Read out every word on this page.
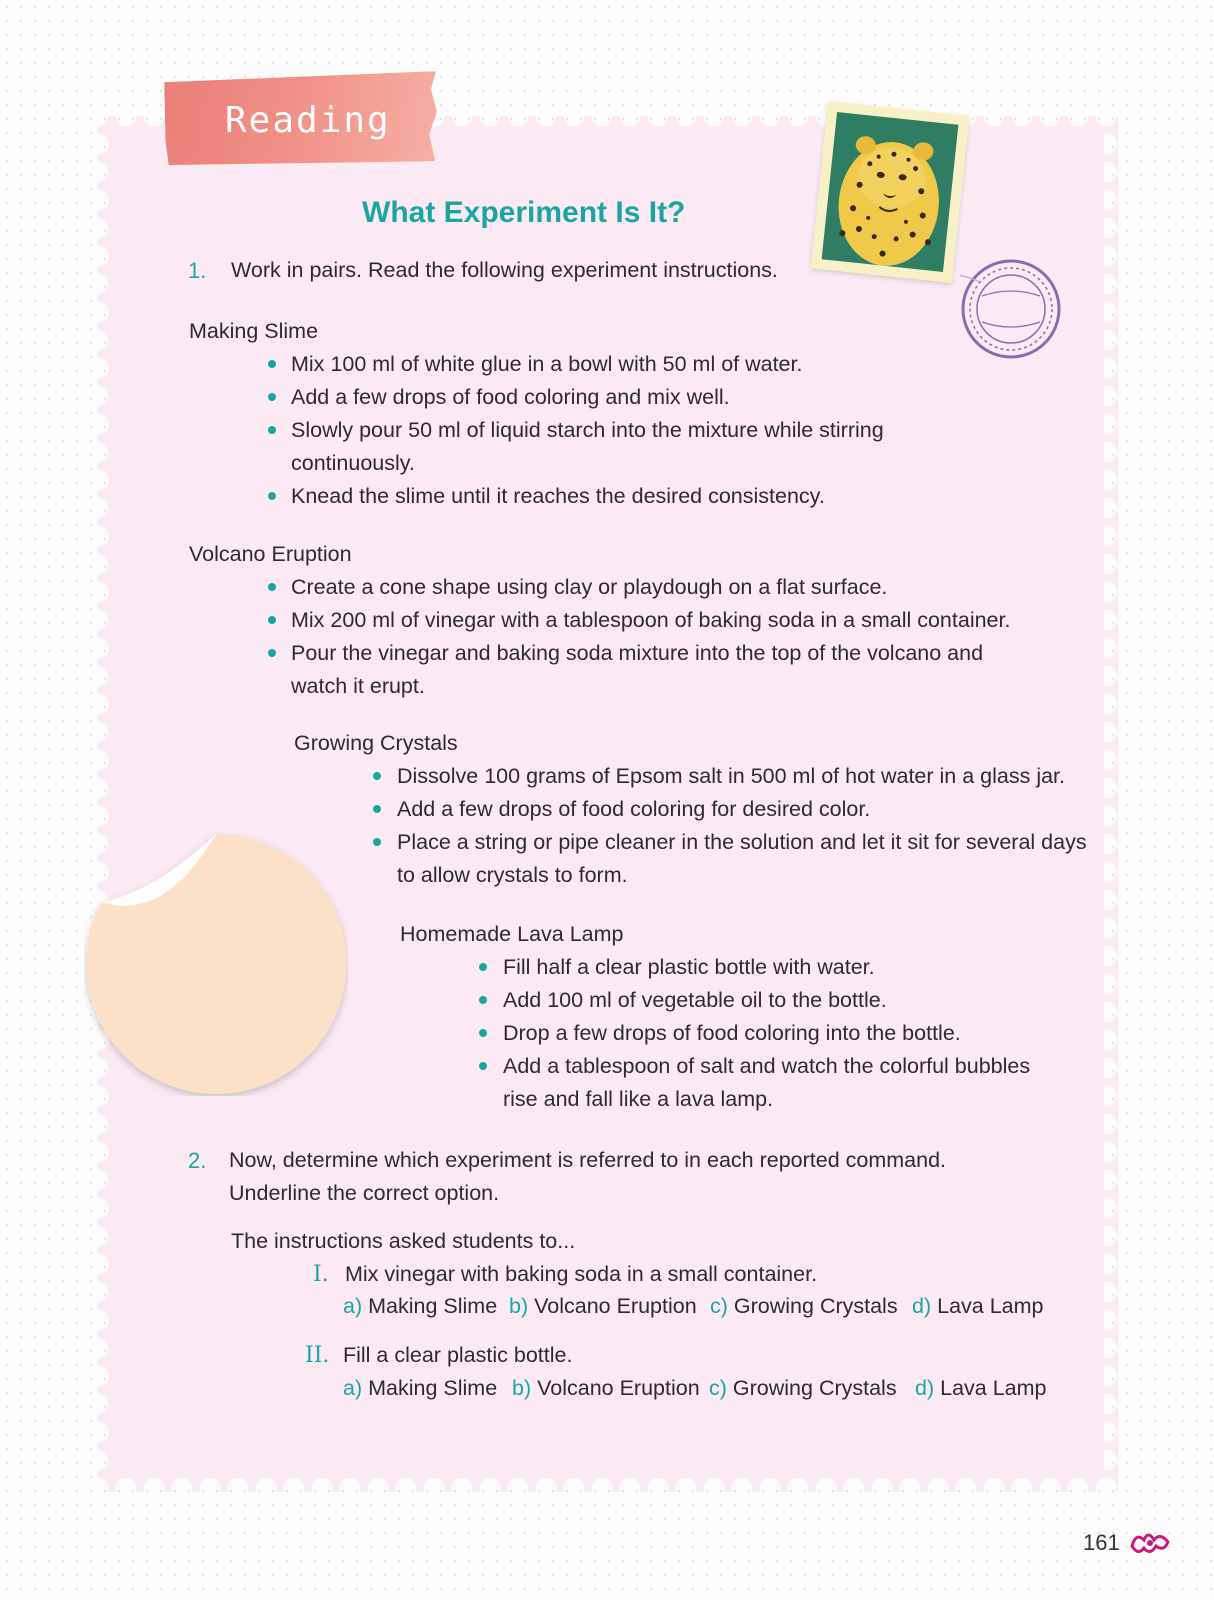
Reading
What Experiment Is It?
1. Work in pairs. Read the following experiment instructions.
Making Slime
Mix 100 ml of white glue in a bowl with 50 ml of water.
Add a few drops of food coloring and mix well.
Slowly pour 50 ml of liquid starch into the mixture while stirring
continuously.
Knead the slime until it reaches the desired consistency.
Volcano Eruption
Create a cone shape using clay or playdough on a flat surface.
Mix 200 ml of vinegar with a tablespoon of baking soda in a small container.
Pour the vinegar and baking soda mixture into the top of the volcano and
watch it erupt.
Growing Crystals
Dissolve 100 grams of Epsom salt in 500 ml of hot water in a glass jar.
Add a few drops of food coloring for desired color.
Place a string or pipe cleaner in the solution and let it sit for several days
to allow crystals to form.
Homemade Lava Lamp
Fill half a clear plastic bottle with water.
Add 100 ml of vegetable oil to the bottle.
Drop a few drops of food coloring into the bottle.
Add a tablespoon of salt and watch the colorful bubbles
rise and fall like a lava lamp.
2. Now, determine which experiment is referred to in each reported command.
Underline the correct option.
The instructions asked students to...
I. Mix vinegar with baking soda in a small container.
a) Making Slime b) Volcano Eruption c) Growing Crystals d) Lava Lamp
II. Fill a clear plastic bottle.
a) Making Slime b) Volcano Eruption c) Growing Crystals d) Lava Lamp
161
